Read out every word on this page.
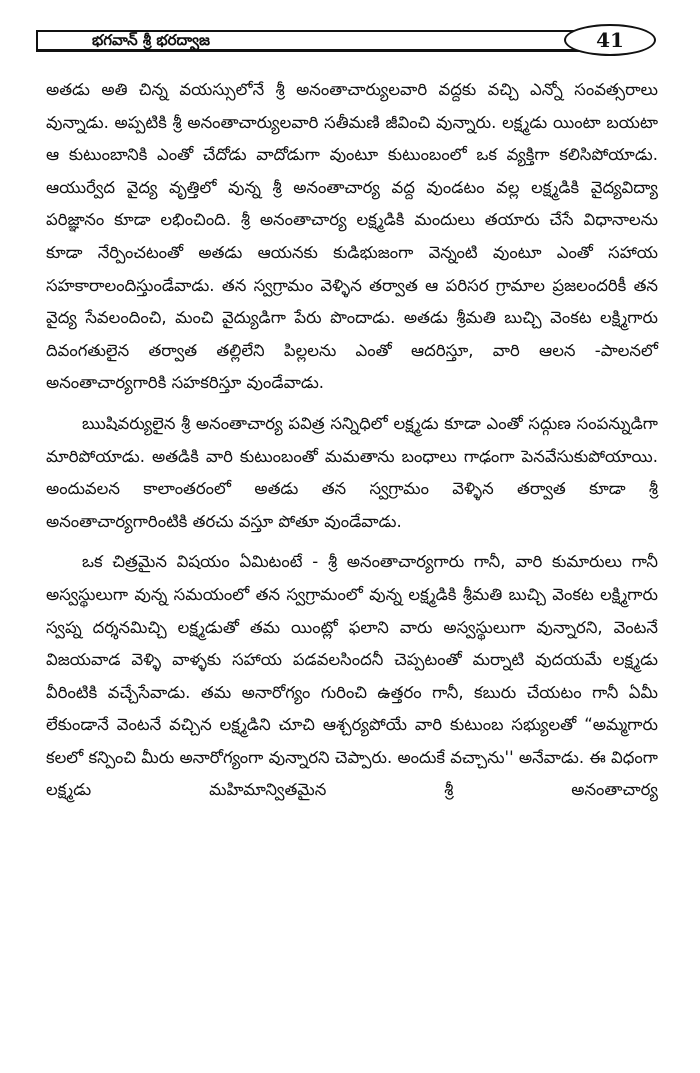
భగవాన్ శ్రీ భరద్వాజ	41

అతడు అతి చిన్న వయస్సులోనే శ్రీ అనంతాచార్యులవారి వద్దకు వచ్చి ఎన్నో సంవత్సరాలు వున్నాడు. అప్పటికి శ్రీ అనంతాచార్యులవారి సతీమణి జీవించి వున్నారు. లక్ష్మడు యింటా బయటా ఆ కుటుంబానికి ఎంతో చేదోడు వాదోడుగా వుంటూ కుటుంబంలో ఒక వ్యక్తిగా కలిసిపోయాడు. ఆయుర్వేద వైద్య వృత్తిలో వున్న శ్రీ అనంతాచార్య వద్ద వుండటం వల్ల లక్ష్మడికి వైద్యవిద్యా పరిజ్ఞానం కూడా లభించింది. శ్రీ అనంతాచార్య లక్ష్మడికి మందులు తయారు చేసే విధానాలను కూడా నేర్పించటంతో అతడు ఆయనకు కుడిభుజంగా వెన్నంటి వుంటూ ఎంతో సహాయ సహకారాలందిస్తుండేవాడు. తన స్వగ్రామం వెళ్ళిన తర్వాత ఆ పరిసర గ్రామాల ప్రజలందరికీ తన వైద్య సేవలందించి, మంచి వైద్యుడిగా పేరు పొందాడు. అతడు శ్రీమతి బుచ్చి వెంకట లక్ష్మిగారు దివంగతులైన తర్వాత తల్లిలేని పిల్లలను ఎంతో ఆదరిస్తూ, వారి ఆలన -పాలనలో అనంతాచార్యగారికి సహకరిస్తూ వుండేవాడు.

ఋషివర్యులైన శ్రీ అనంతాచార్య పవిత్ర సన్నిధిలో లక్ష్మడు కూడా ఎంతో సద్గుణ సంపన్నుడిగా మారిపోయాడు. అతడికి వారి కుటుంబంతో మమతాను బంధాలు గాఢంగా పెనవేసుకుపోయాయి. అందువలన కాలాంతరంలో అతడు తన స్వగ్రామం వెళ్ళిన తర్వాత కూడా శ్రీ అనంతాచార్యగారింటికి తరచు వస్తూ పోతూ వుండేవాడు.

ఒక చిత్రమైన విషయం ఏమిటంటే - శ్రీ అనంతాచార్యగారు గానీ, వారి కుమారులు గానీ అస్వస్థులుగా వున్న సమయంలో తన స్వగ్రామంలో వున్న లక్ష్మడికి శ్రీమతి బుచ్చి వెంకట లక్ష్మిగారు స్వప్న దర్శనమిచ్చి లక్ష్మడుతో తమ యింట్లో ఫలాని వారు అస్వస్థులుగా వున్నారని, వెంటనే విజయవాడ వెళ్ళి వాళ్ళకు సహాయ పడవలసిందనీ చెప్పటంతో మర్నాటి వుదయమే లక్ష్మడు వీరింటికి వచ్చేసేవాడు. తమ అనారోగ్యం గురించి ఉత్తరం గానీ, కబురు చేయటం గానీ ఏమీ లేకుండానే వెంటనే వచ్చిన లక్ష్మడిని చూచి ఆశ్చర్యపోయే వారి కుటుంబ సభ్యులతో “అమ్మగారు కలలో కన్పించి మీరు అనారోగ్యంగా వున్నారని చెప్పారు. అందుకే వచ్చాను'' అనేవాడు. ఈ విధంగా లక్ష్మడు మహిమాన్వితమైన శ్రీ అనంతాచార్య
